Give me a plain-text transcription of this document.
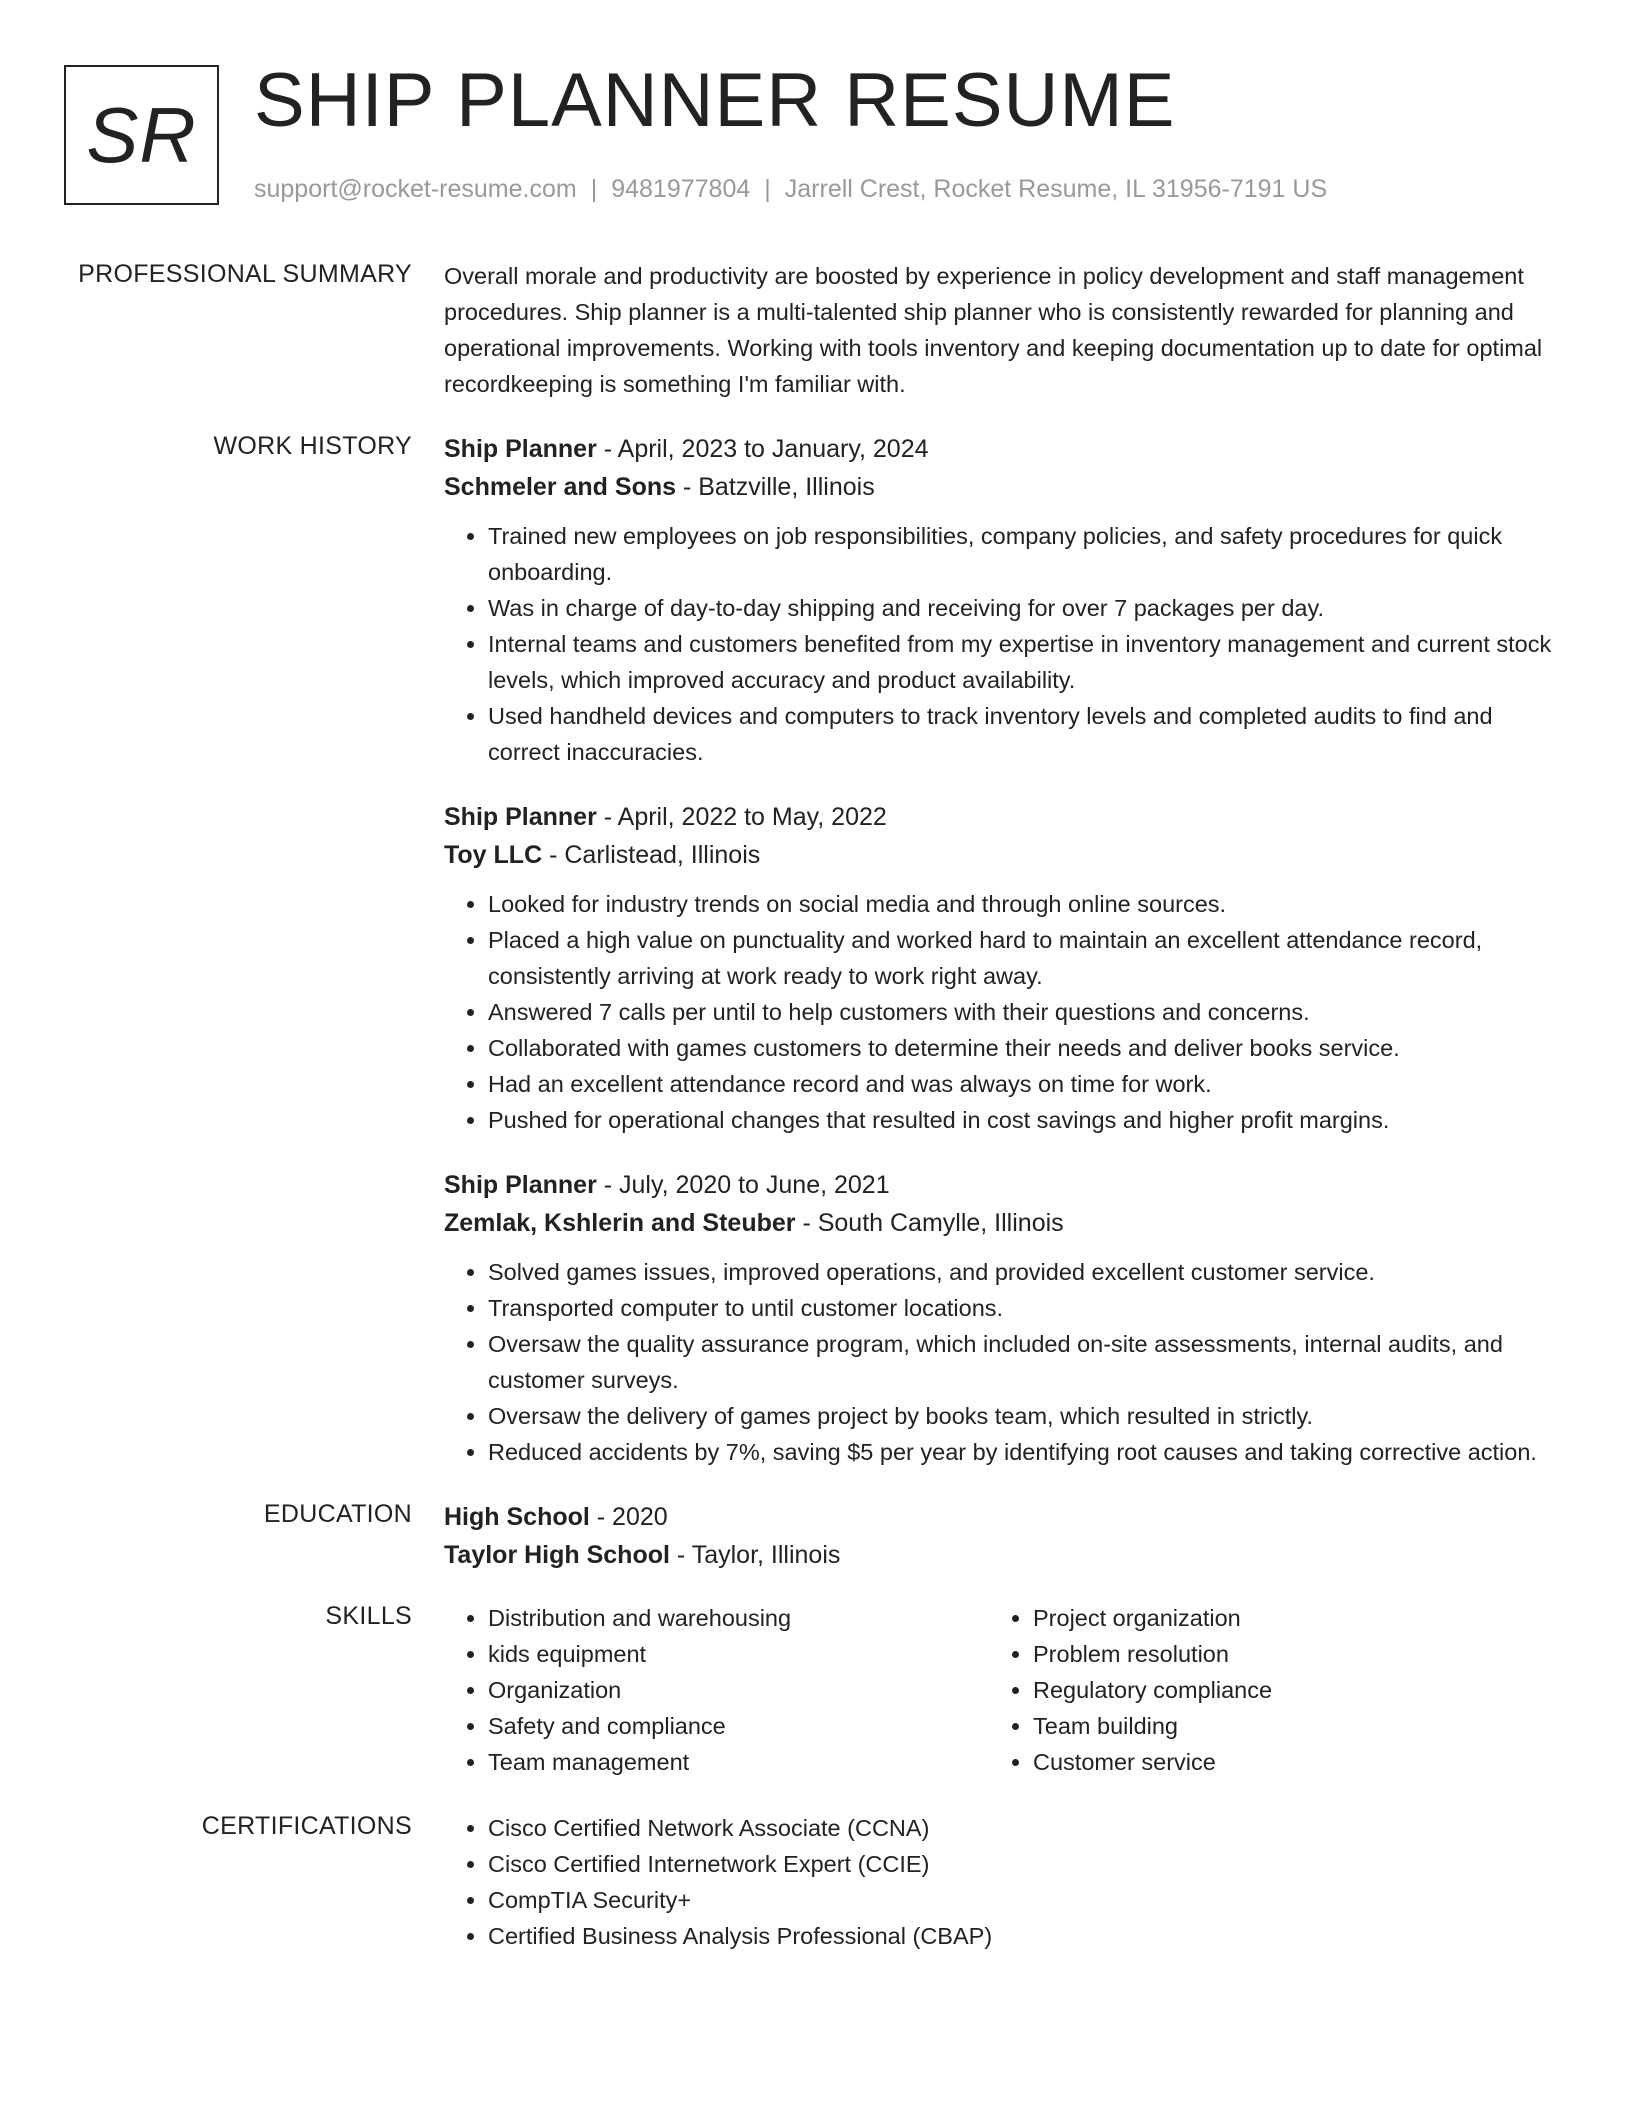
SR SHIP PLANNER RESUME
support@rocket-resume.com | 9481977804 | Jarrell Crest, Rocket Resume, IL 31956-7191 US
PROFESSIONAL SUMMARY Overall morale and productivity are boosted by experience in policy development and staff management procedures. Ship planner is a multi-talented ship planner who is consistently rewarded for planning and operational improvements. Working with tools inventory and keeping documentation up to date for optimal recordkeeping is something I'm familiar with.

WORK HISTORY Ship Planner - April, 2023 to January, 2024
Schmeler and Sons - Batzville, Illinois
• Trained new employees on job responsibilities, company policies, and safety procedures for quick onboarding.
• Was in charge of day-to-day shipping and receiving for over 7 packages per day.
• Internal teams and customers benefited from my expertise in inventory management and current stock levels, which improved accuracy and product availability.
• Used handheld devices and computers to track inventory levels and completed audits to find and correct inaccuracies.
Ship Planner - April, 2022 to May, 2022
Toy LLC - Carlistead, Illinois
• Looked for industry trends on social media and through online sources.
• Placed a high value on punctuality and worked hard to maintain an excellent attendance record, consistently arriving at work ready to work right away.
• Answered 7 calls per until to help customers with their questions and concerns.
• Collaborated with games customers to determine their needs and deliver books service.
• Had an excellent attendance record and was always on time for work.
• Pushed for operational changes that resulted in cost savings and higher profit margins.
Ship Planner - July, 2020 to June, 2021
Zemlak, Kshlerin and Steuber - South Camylle, Illinois
• Solved games issues, improved operations, and provided excellent customer service.
• Transported computer to until customer locations.
• Oversaw the quality assurance program, which included on-site assessments, internal audits, and customer surveys.
• Oversaw the delivery of games project by books team, which resulted in strictly.
• Reduced accidents by 7%, saving $5 per year by identifying root causes and taking corrective action.
EDUCATION High School - 2020
Taylor High School - Taylor, Illinois
SKILLS	• Distribution and warehousing
• kids equipment
• Organization
• Safety and compliance
• Team management
• Project organization
• Problem resolution
• Regulatory compliance
• Team building
• Customer service
CERTIFICATIONS	• Cisco Certified Network Associate (CCNA)
• Cisco Certified Internetwork Expert (CCIE)
• CompTIA Security+
• Certified Business Analysis Professional (CBAP)
